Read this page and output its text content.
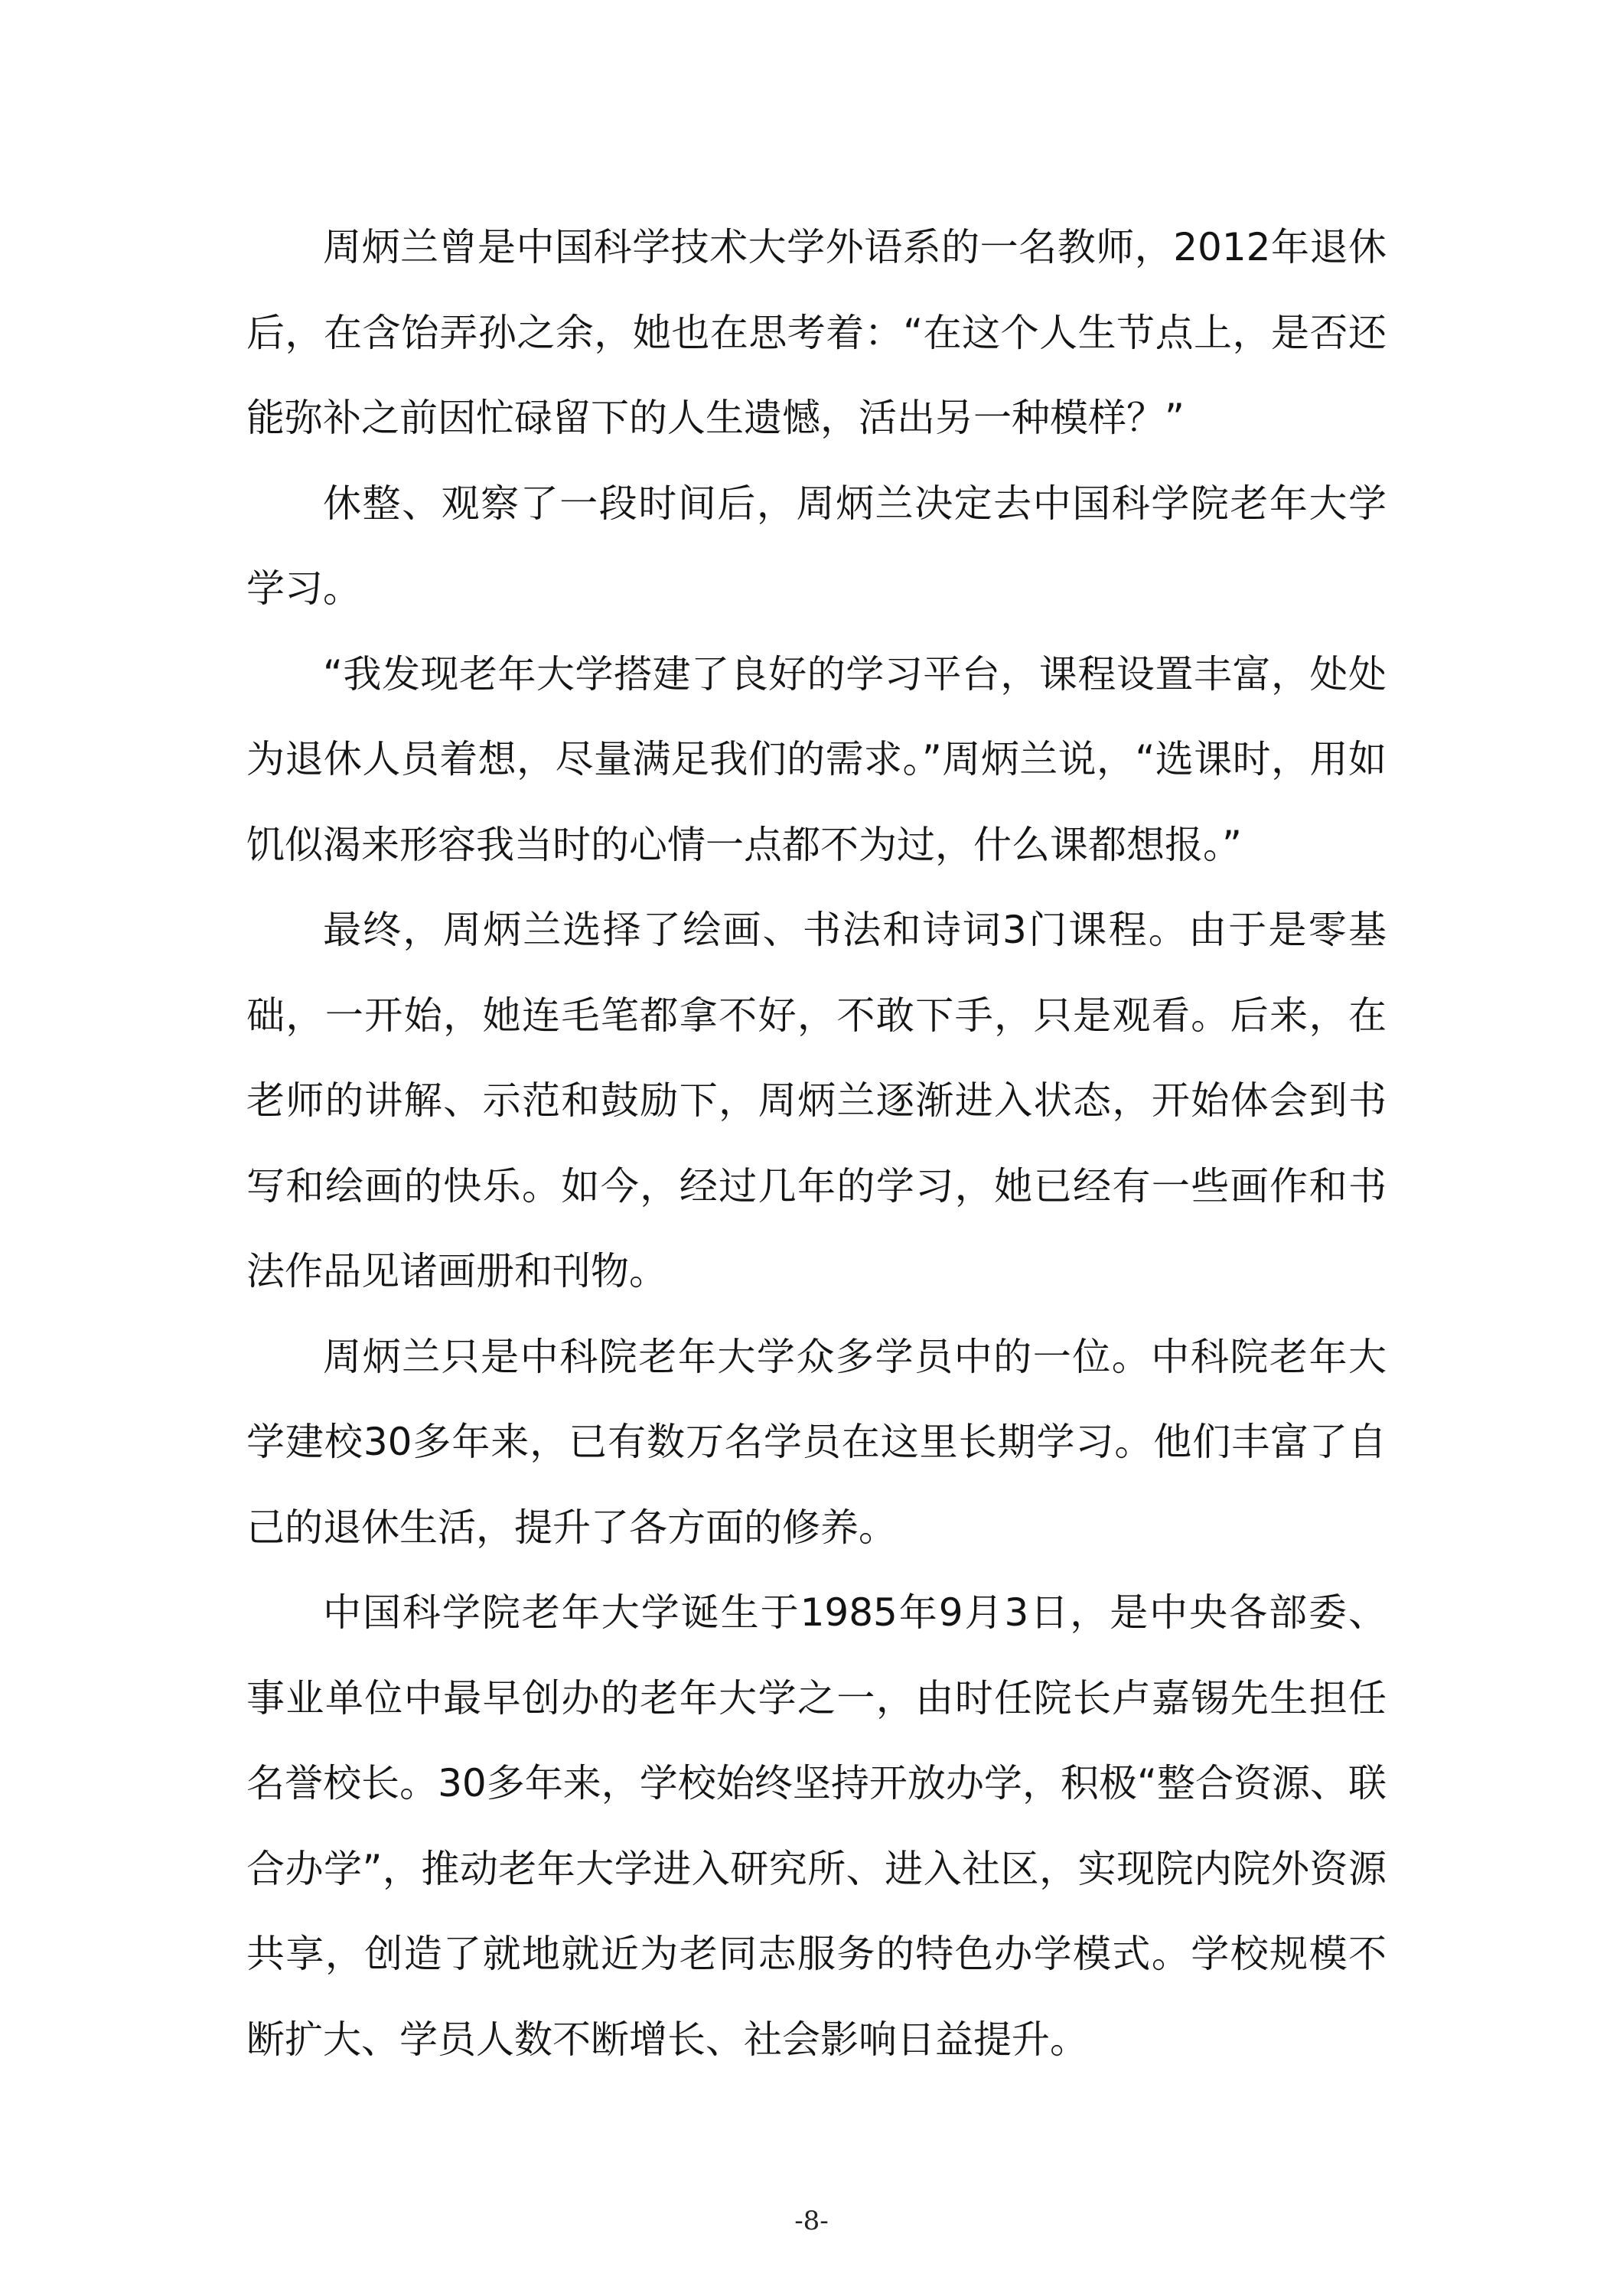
周炳兰曾是中国科学技术大学外语系的一名教师，2012年退休后，在含饴弄孙之余，她也在思考着：“在这个人生节点上，是否还能弥补之前因忙碌留下的人生遗憾，活出另一种模样？”

休整、观察了一段时间后，周炳兰决定去中国科学院老年大学学习。

“我发现老年大学搭建了良好的学习平台，课程设置丰富，处处为退休人员着想，尽量满足我们的需求。”周炳兰说，“选课时，用如饥似渴来形容我当时的心情一点都不为过，什么课都想报。”

最终，周炳兰选择了绘画、书法和诗词3门课程。由于是零基础，一开始，她连毛笔都拿不好，不敢下手，只是观看。后来，在老师的讲解、示范和鼓励下，周炳兰逐渐进入状态，开始体会到书写和绘画的快乐。如今，经过几年的学习，她已经有一些画作和书法作品见诸画册和刊物。

周炳兰只是中科院老年大学众多学员中的一位。中科院老年大学建校30多年来，已有数万名学员在这里长期学习。他们丰富了自己的退休生活，提升了各方面的修养。

中国科学院老年大学诞生于1985年9月3日，是中央各部委、事业单位中最早创办的老年大学之一，由时任院长卢嘉锡先生担任名誉校长。30多年来，学校始终坚持开放办学，积极“整合资源、联合办学”，推动老年大学进入研究所、进入社区，实现院内院外资源共享，创造了就地就近为老同志服务的特色办学模式。学校规模不断扩大、学员人数不断增长、社会影响日益提升。

-8-
